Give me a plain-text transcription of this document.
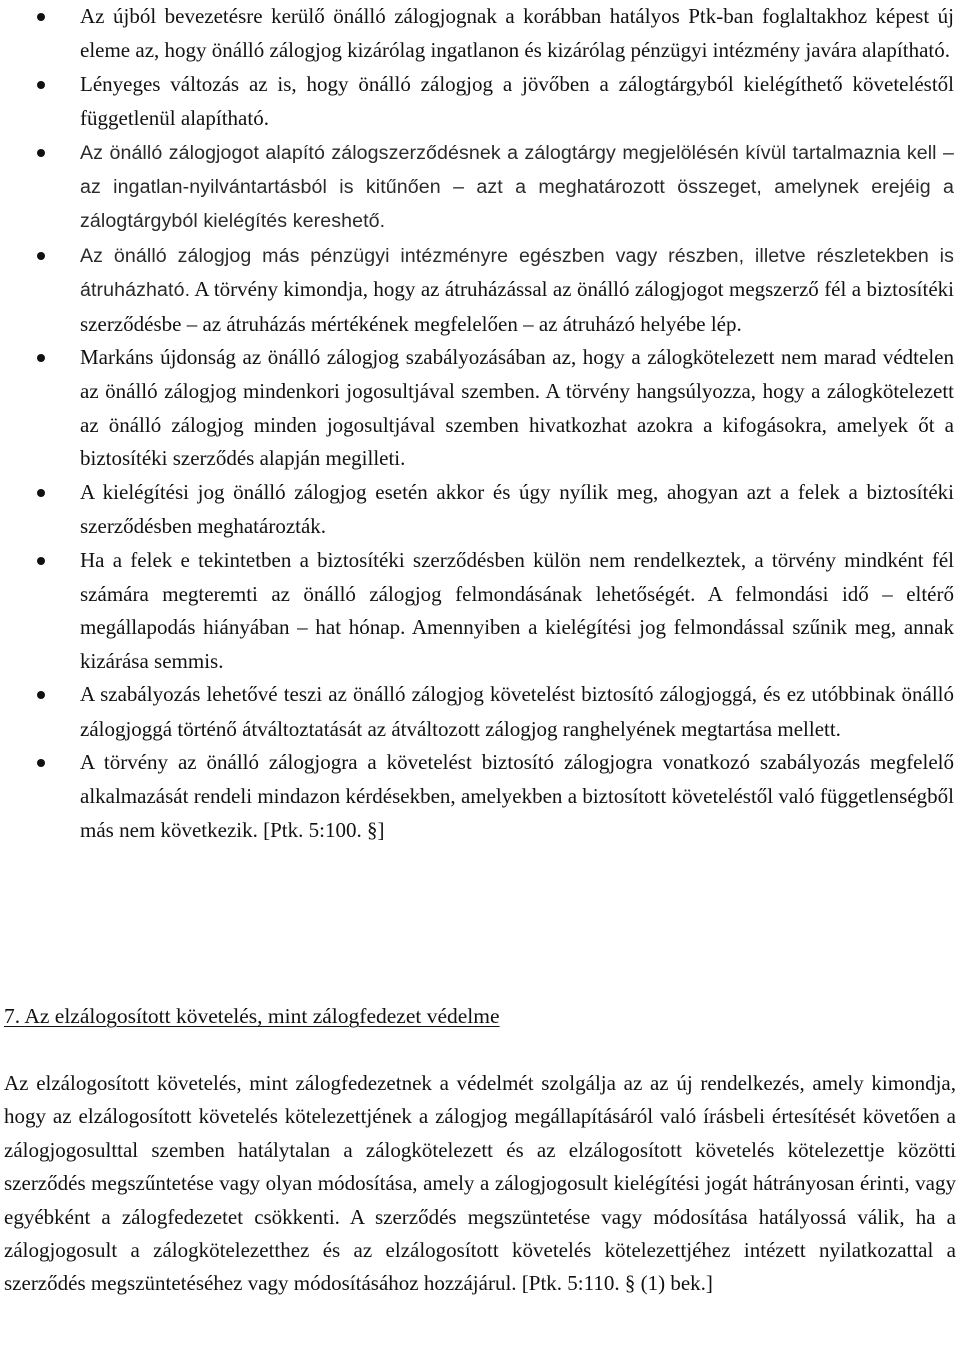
Az újból bevezetésre kerülő önálló zálogjognak a korábban hatályos Ptk-ban foglaltakhoz képest új eleme az, hogy önálló zálogjog kizárólag ingatlanon és kizárólag pénzügyi intézmény javára alapítható.
Lényeges változás az is, hogy önálló zálogjog a jövőben a zálogtárgyból kielégíthető követeléstől függetlenül alapítható.
Az önálló zálogjogot alapító zálogszerződésnek a zálogtárgy megjelölésén kívül tartalmaznia kell – az ingatlan-nyilvántartásból is kitűnően – azt a meghatározott összeget, amelynek erejéig a zálogtárgyból kielégítés kereshető.
Az önálló zálogjog más pénzügyi intézményre egészben vagy részben, illetve részletekben is átruházható. A törvény kimondja, hogy az átruházással az önálló zálogjogot megszerző fél a biztosítéki szerződésbe – az átruházás mértékének megfelelően – az átruházó helyébe lép.
Markáns újdonság az önálló zálogjog szabályozásában az, hogy a zálogkötelezett nem marad védtelen az önálló zálogjog mindenkori jogosultjával szemben. A törvény hangsúlyozza, hogy a zálogkötelezett az önálló zálogjog minden jogosultjával szemben hivatkozhat azokra a kifogásokra, amelyek őt a biztosítéki szerződés alapján megilleti.
A kielégítési jog önálló zálogjog esetén akkor és úgy nyílik meg, ahogyan azt a felek a biztosítéki szerződésben meghatározták.
Ha a felek e tekintetben a biztosítéki szerződésben külön nem rendelkeztek, a törvény mindként fél számára megteremti az önálló zálogjog felmondásának lehetőségét. A felmondási idő – eltérő megállapodás hiányában – hat hónap. Amennyiben a kielégítési jog felmondással szűnik meg, annak kizárása semmis.
A szabályozás lehetővé teszi az önálló zálogjog követelést biztosító zálogjoggá, és ez utóbbinak önálló zálogjoggá történő átváltoztatását az átváltozott zálogjog ranghelyének megtartása mellett.
A törvény az önálló zálogjogra a követelést biztosító zálogjogra vonatkozó szabályozás megfelelő alkalmazását rendeli mindazon kérdésekben, amelyekben a biztosított követeléstől való függetlenségből más nem következik. [Ptk. 5:100. §]
7. Az elzálogosított követelés, mint zálogfedezet védelme

Az elzálogosított követelés, mint zálogfedezetnek a védelmét szolgálja az az új rendelkezés, amely kimondja, hogy az elzálogosított követelés kötelezettjének a zálogjog megállapításáról való írásbeli értesítését követően a zálogjogosulttal szemben hatálytalan a zálogkötelezett és az elzálogosított követelés kötelezettje közötti szerződés megszűntetése vagy olyan módosítása, amely a zálogjogosult kielégítési jogát hátrányosan érinti, vagy egyébként a zálogfedezetet csökkenti. A szerződés megszüntetése vagy módosítása hatályossá válik, ha a zálogjogosult a zálogkötelezetthez és az elzálogosított követelés kötelezettjéhez intézett nyilatkozattal a szerződés megszüntetéséhez vagy módosításához hozzájárul. [Ptk. 5:110. § (1) bek.]
